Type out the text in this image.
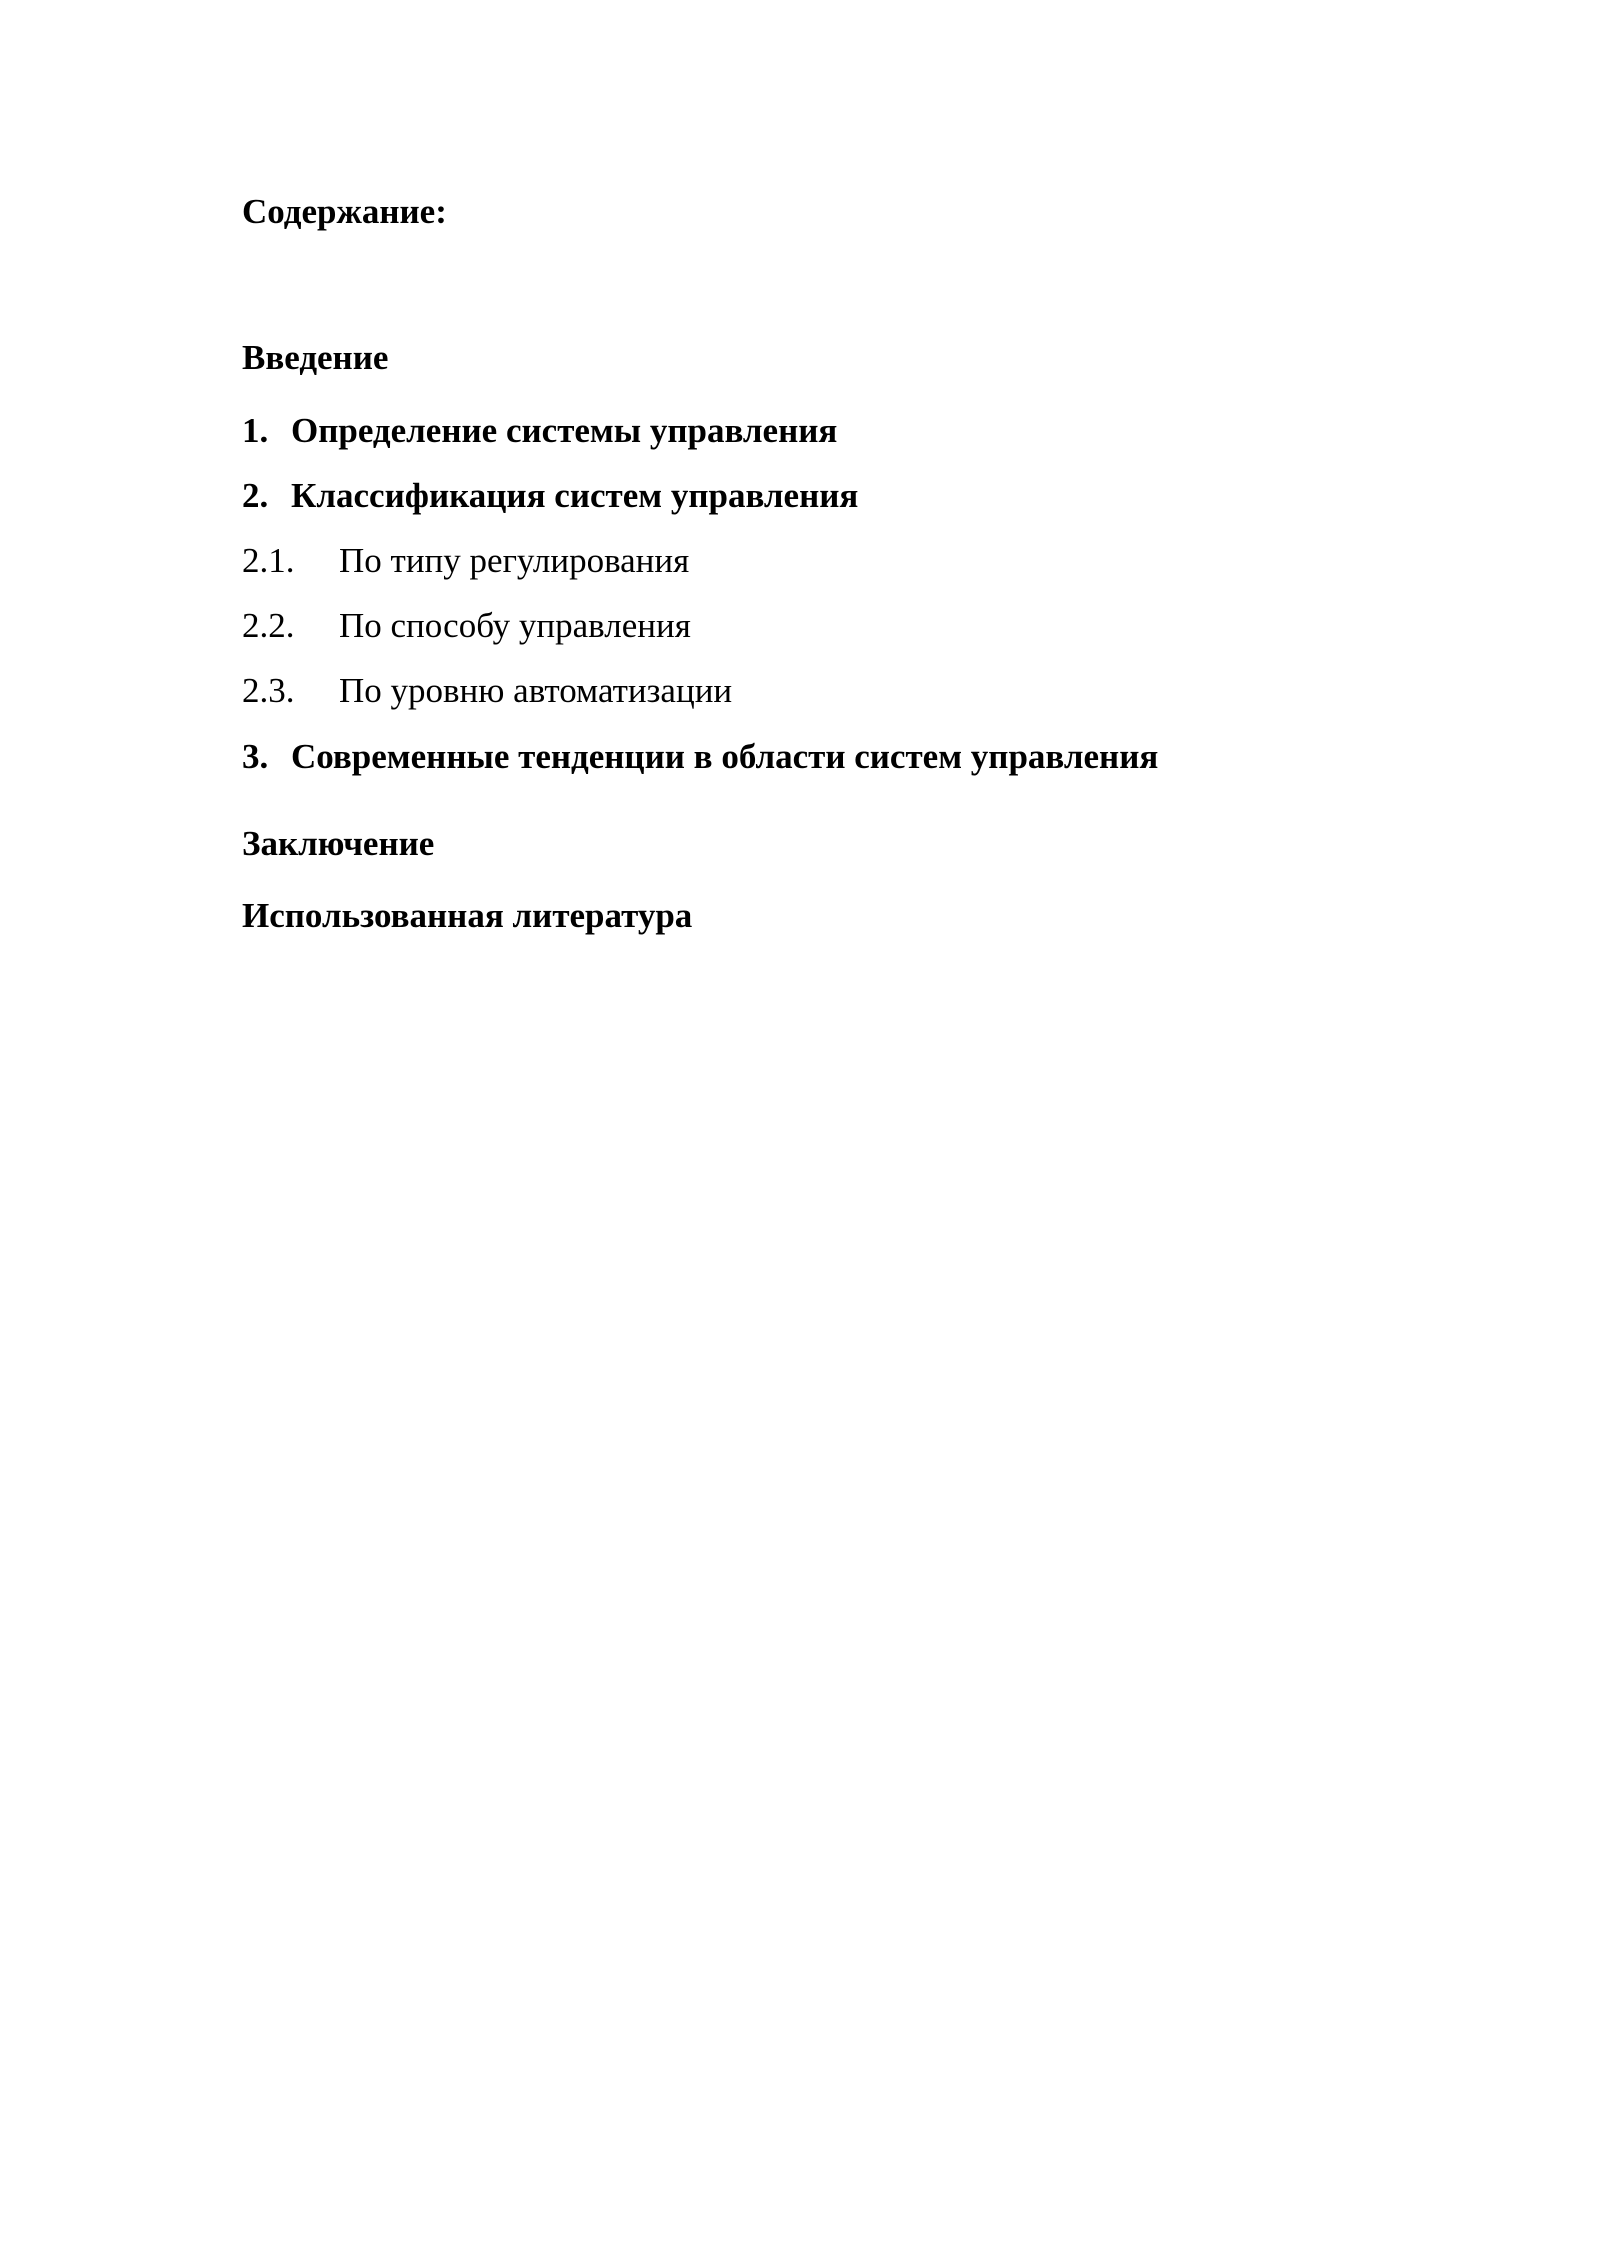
Содержание:
Введение
1. Определение системы управления
2. Классификация систем управления
2.1. По типу регулирования
2.2. По способу управления
2.3. По уровню автоматизации
3. Современные тенденции в области систем управления
Заключение
Использованная литература
